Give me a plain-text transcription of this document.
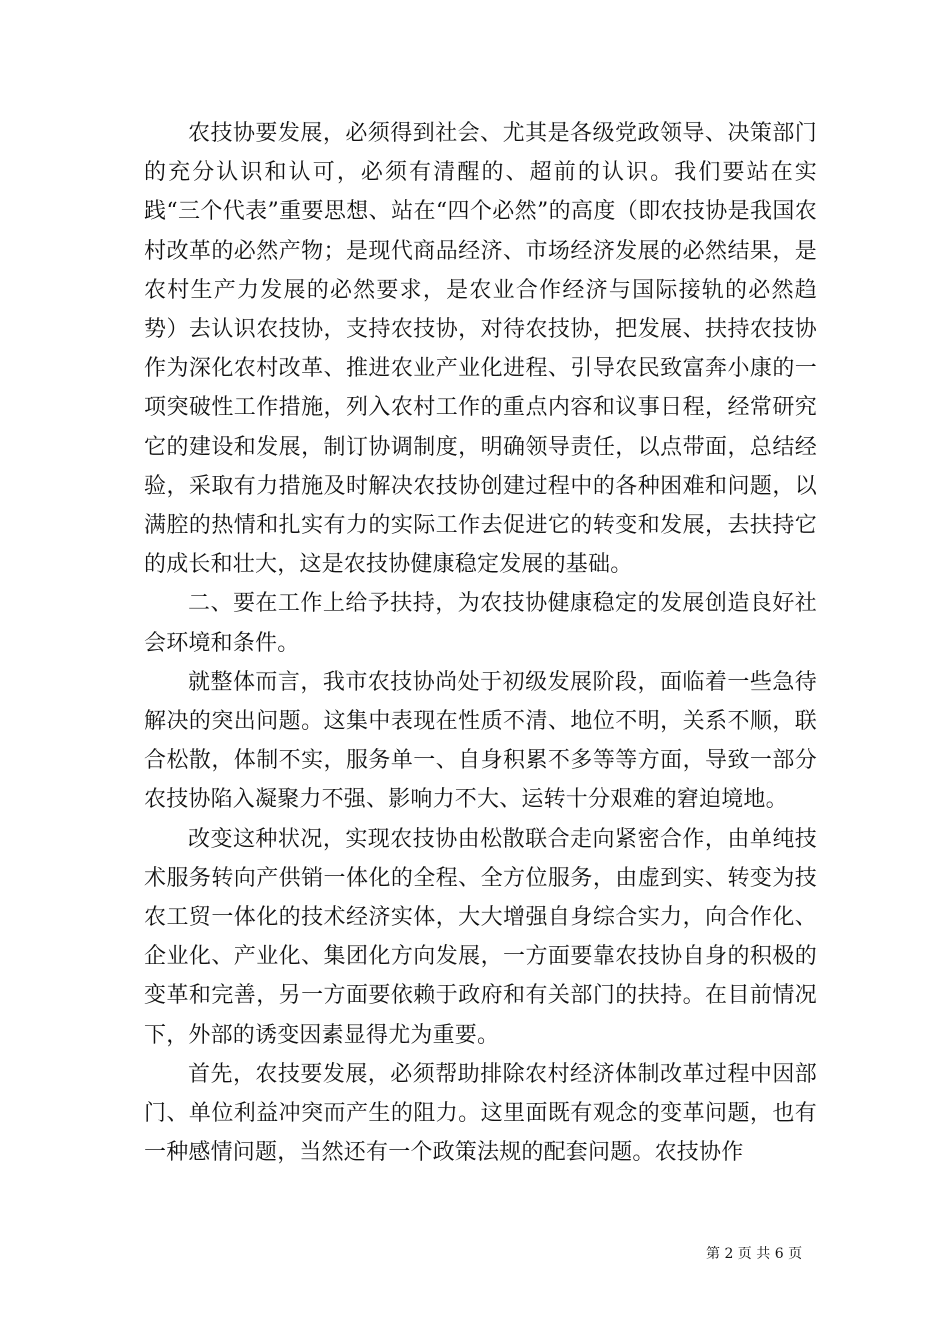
农技协要发展，必须得到社会、尤其是各级党政领导、决策部门的充分认识和认可，必须有清醒的、超前的认识。我们要站在实践“三个代表”重要思想、站在“四个必然”的高度（即农技协是我国农村改革的必然产物；是现代商品经济、市场经济发展的必然结果，是农村生产力发展的必然要求，是农业合作经济与国际接轨的必然趋势）去认识农技协，支持农技协，对待农技协，把发展、扶持农技协作为深化农村改革、推进农业产业化进程、引导农民致富奔小康的一项突破性工作措施，列入农村工作的重点内容和议事日程，经常研究它的建设和发展，制订协调制度，明确领导责任，以点带面，总结经验，采取有力措施及时解决农技协创建过程中的各种困难和问题，以满腔的热情和扎实有力的实际工作去促进它的转变和发展，去扶持它的成长和壮大，这是农技协健康稳定发展的基础。

二、要在工作上给予扶持，为农技协健康稳定的发展创造良好社会环境和条件。

就整体而言，我市农技协尚处于初级发展阶段，面临着一些急待解决的突出问题。这集中表现在性质不清、地位不明，关系不顺，联合松散，体制不实，服务单一、自身积累不多等等方面，导致一部分农技协陷入凝聚力不强、影响力不大、运转十分艰难的窘迫境地。

改变这种状况，实现农技协由松散联合走向紧密合作，由单纯技术服务转向产供销一体化的全程、全方位服务，由虚到实、转变为技农工贸一体化的技术经济实体，大大增强自身综合实力，向合作化、企业化、产业化、集团化方向发展，一方面要靠农技协自身的积极的变革和完善，另一方面要依赖于政府和有关部门的扶持。在目前情况下，外部的诱变因素显得尤为重要。

首先，农技要发展，必须帮助排除农村经济体制改革过程中因部门、单位利益冲突而产生的阻力。这里面既有观念的变革问题，也有一种感情问题，当然还有一个政策法规的配套问题。农技协作

第 2 页 共 6 页
